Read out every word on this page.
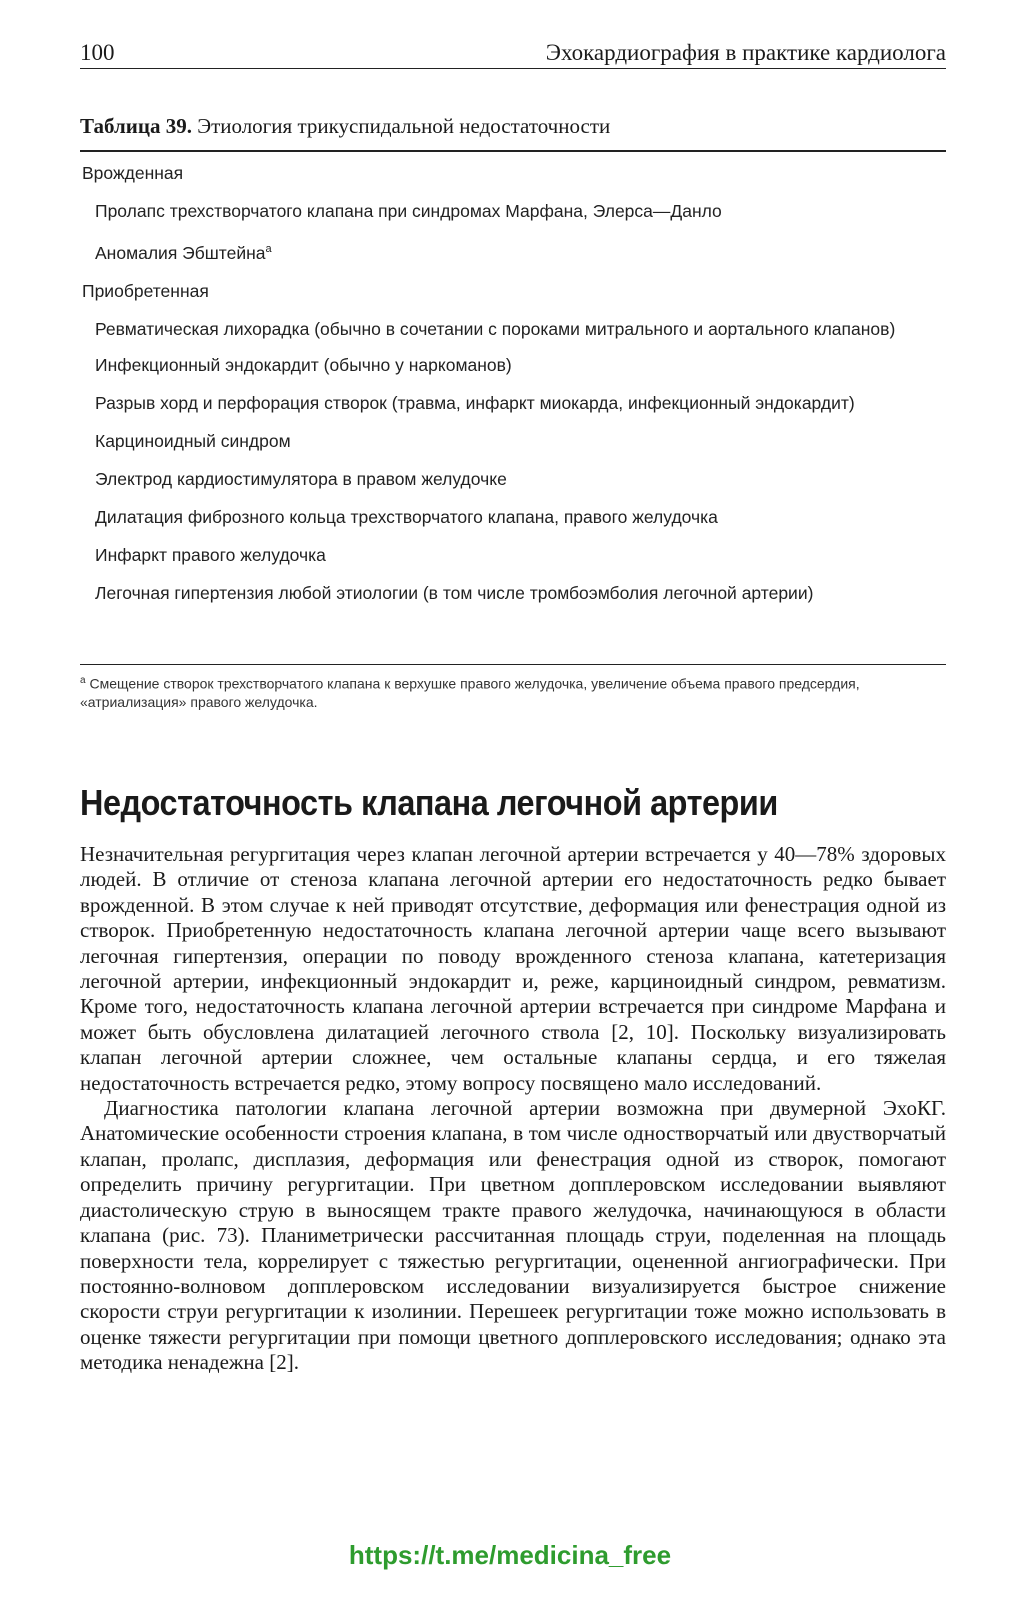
100	Эхокардиография в практике кардиолога
Таблица 39. Этиология трикуспидальной недостаточности
Врожденная
Пролапс трехстворчатого клапана при синдромах Марфана, Элерса—Данло
Аномалия Эбштейна$^a$
Приобретенная
Ревматическая лихорадка (обычно в сочетании с пороками митрального и аортального клапанов)
Инфекционный эндокардит (обычно у наркоманов)
Разрыв хорд и перфорация створок (травма, инфаркт миокарда, инфекционный эндокардит)
Карциноидный синдром
Электрод кардиостимулятора в правом желудочке
Дилатация фиброзного кольца трехстворчатого клапана, правого желудочка
Инфаркт правого желудочка
Легочная гипертензия любой этиологии (в том числе тромбоэмболия легочной артерии)
$^a$ Смещение створок трехстворчатого клапана к верхушке правого желудочка, увеличение объема правого предсердия, «атриализация» правого желудочка.
Недостаточность клапана легочной артерии

Незначительная регургитация через клапан легочной артерии встречается у 40—78% здоровых людей. В отличие от стеноза клапана легочной артерии его недостаточность редко бывает врожденной. В этом случае к ней приводят отсутствие, деформация или фенестрация одной из створок. Приобретенную недостаточность клапана легочной артерии чаще всего вызывают легочная гипертензия, операции по поводу врожденного стеноза клапана, катетеризация легочной артерии, инфекционный эндокардит и, реже, карциноидный синдром, ревматизм. Кроме того, недостаточность клапана легочной артерии встречается при синдроме Марфана и может быть обусловлена дилатацией легочного ствола [2, 10]. Поскольку визуализировать клапан легочной артерии сложнее, чем остальные клапаны сердца, и его тяжелая недостаточность встречается редко, этому вопросу посвящено мало исследований.

Диагностика патологии клапана легочной артерии возможна при двумерной ЭхоКГ. Анатомические особенности строения клапана, в том числе одностворчатый или двустворчатый клапан, пролапс, дисплазия, деформация или фенестрация одной из створок, помогают определить причину регургитации. При цветном допплеровском исследовании выявляют диастолическую струю в выносящем тракте правого желудочка, начинающуюся в области клапана (рис. 73). Планиметрически рассчитанная площадь струи, поделенная на площадь поверхности тела, коррелирует с тяжестью регургитации, оцененной ангиографически. При постоянно-волновом допплеровском исследовании визуализируется быстрое снижение скорости струи регургитации к изолинии. Перешеек регургитации тоже можно использовать в оценке тяжести регургитации при помощи цветного допплеровского исследования; однако эта методика ненадежна [2].

https://t.me/medicina_free
